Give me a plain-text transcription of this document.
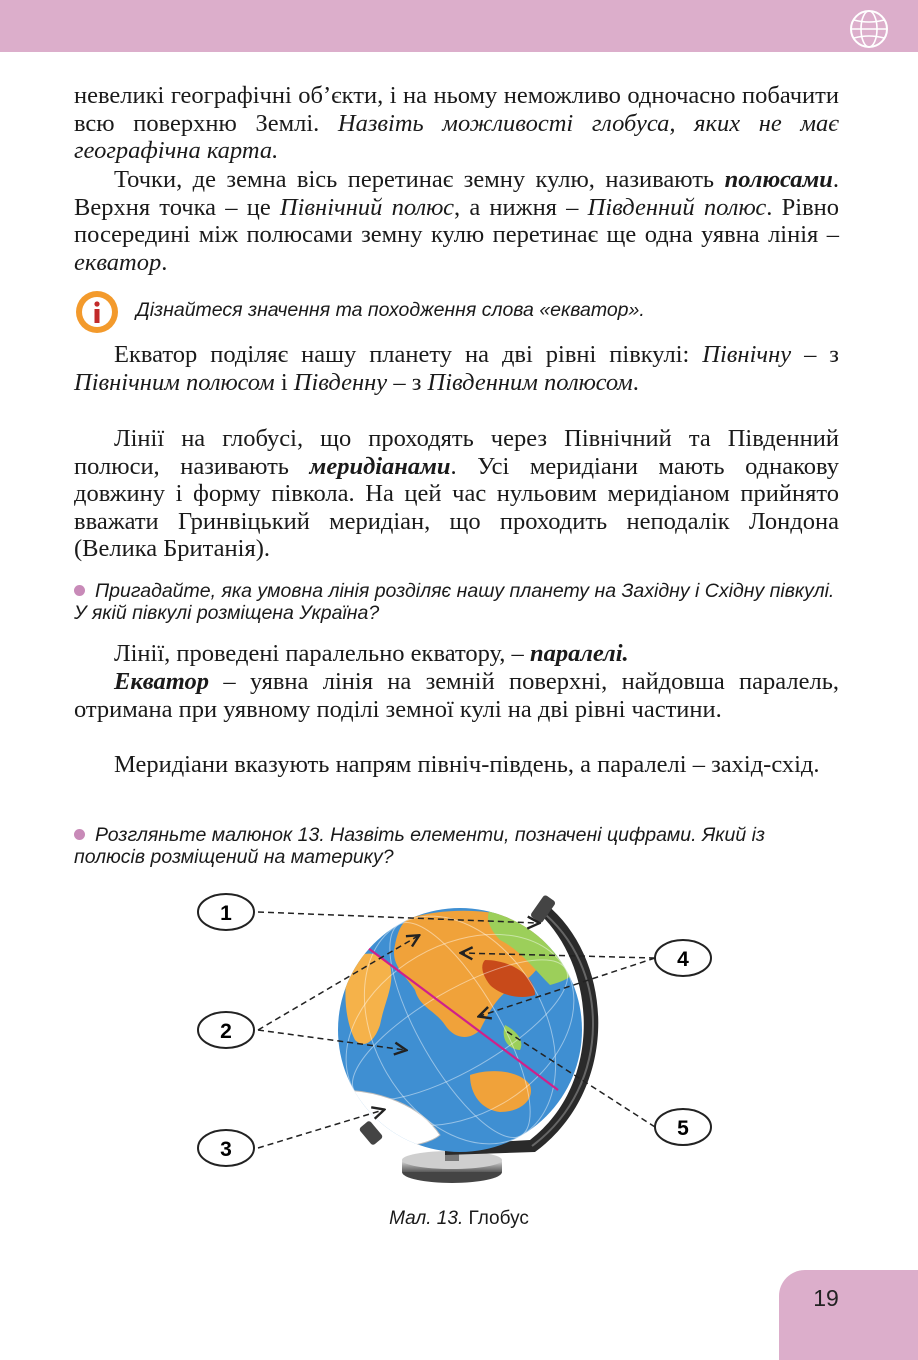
невеликі географічні об’єкти, і на ньому неможливо одночасно побачити всю поверхню Землі. Назвіть можливості глобуса, яких не має географічна карта.

Точки, де земна вісь перетинає земну кулю, називають полюсами. Верхня точка – це Північний полюс, а нижня – Південний полюс. Рівно посередині між полюсами земну кулю перетинає ще одна уявна лінія – екватор.

Дізнайтеся значення та походження слова «екватор».

Екватор поділяє нашу планету на дві рівні півкулі: Північну – з Північним полюсом і Південну – з Південним полюсом.

Лінії на глобусі, що проходять через Північний та Південний полюси, називають меридіанами. Усі меридіани мають однакову довжину і форму півкола. На цей час нульовим меридіаном прийнято вважати Гринвіцький меридіан, що проходить неподалік Лондона (Велика Британія).

Пригадайте, яка умовна лінія розділяє нашу планету на Західну і Східну півкулі. У якій півкулі розміщена Україна?

Лінії, проведені паралельно екватору, – паралелі.

Екватор – уявна лінія на земній поверхні, найдовша паралель, отримана при уявному поділі земної кулі на дві рівні частини.

Меридіани вказують напрям північ-південь, а паралелі – захід-схід.

Розгляньте малюнок 13. Назвіть елементи, позначені цифрами. Який із полюсів розміщений на материку?

1
2
3
4
5

Мал. 13. Глобус

19
